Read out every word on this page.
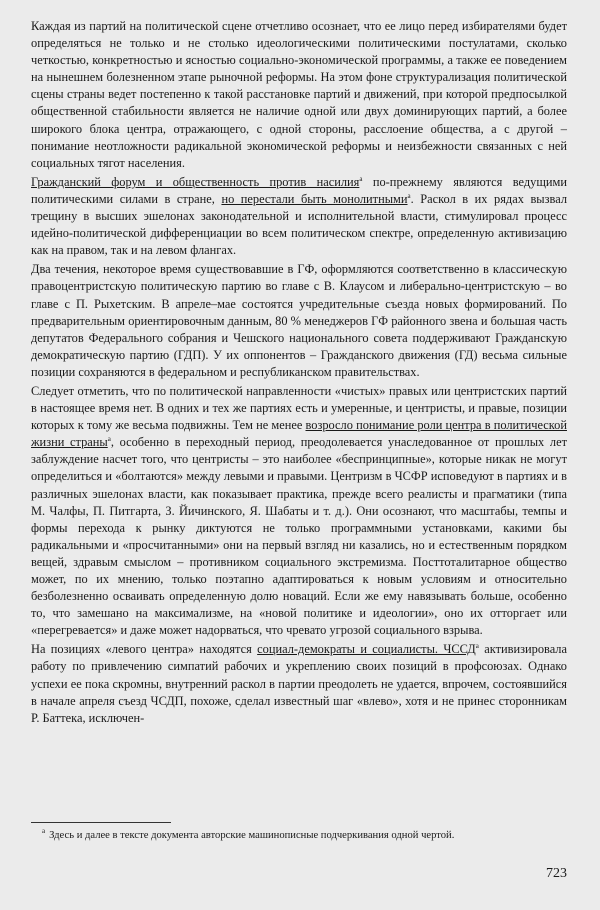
Каждая из партий на политической сцене отчетливо осознает, что ее лицо перед избирателями будет определяться не только и не столько идеологическими политическими постулатами, сколько четкостью, конкретностью и ясностью социально-экономической программы, а также ее поведением на нынешнем болезненном этапе рыночной реформы. На этом фоне структурализация политической сцены страны ведет постепенно к такой расстановке партий и движений, при которой предпосылкой общественной стабильности является не наличие одной или двух доминирующих партий, а более широкого блока центра, отражающего, с одной стороны, расслоение общества, а с другой – понимание неотложности радикальной экономической реформы и неизбежности связанных с ней социальных тягот населения.

Гражданский форум и общественность против насилия$^а$ по-прежнему являются ведущими политическими силами в стране, но перестали быть монолитными$^а$. Раскол в их рядах вызвал трещину в высших эшелонах законодательной и исполнительной власти, стимулировал процесс идейно-политической дифференциации во всем политическом спектре, определенную активизацию как на правом, так и на левом флангах.

Два течения, некоторое время существовавшие в ГФ, оформляются соответственно в классическую правоцентристскую политическую партию во главе с В. Клаусом и либерально-центристскую – во главе с П. Рыхетским. В апреле–мае состоятся учредительные съезда новых формирований. По предварительным ориентировочным данным, 80 % менеджеров ГФ районного звена и большая часть депутатов Федерального собрания и Чешского национального совета поддерживают Гражданскую демократическую партию (ГДП). У их оппонентов – Гражданского движения (ГД) весьма сильные позиции сохраняются в федеральном и республиканском правительствах.

Следует отметить, что по политической направленности «чистых» правых или центристских партий в настоящее время нет. В одних и тех же партиях есть и умеренные, и центристы, и правые, позиции которых к тому же весьма подвижны. Тем не менее возросло понимание роли центра в политической жизни страны$^а$, особенно в переходный период, преодолевается унаследованное от прошлых лет заблуждение насчет того, что центристы – это наиболее «беспринципные», которые никак не могут определиться и «болтаются» между левыми и правыми. Центризм в ЧСФР исповедуют в партиях и в различных эшелонах власти, как показывает практика, прежде всего реалисты и прагматики (типа М. Чалфы, П. Питгарта, З. Йичинского, Я. Шабаты и т. д.). Они осознают, что масштабы, темпы и формы перехода к рынку диктуются не только программными установками, какими бы радикальными и «просчитанными» они на первый взгляд ни казались, но и естественным порядком вещей, здравым смыслом – противником социального экстремизма. Посттоталитарное общество может, по их мнению, только поэтапно адаптироваться к новым условиям и относительно безболезненно осваивать определенную долю новаций. Если же ему навязывать больше, особенно то, что замешано на максимализме, на «новой политике и идеологии», оно их отторгает или «перегревается» и даже может надорваться, что чревато угрозой социального взрыва.

На позициях «левого центра» находятся социал-демократы и социалисты. $ЧССД^а$ активизировала работу по привлечению симпатий рабочих и укреплению своих позиций в профсоюзах. Однако успехи ее пока скромны, внутренний раскол в партии преодолеть не удается, впрочем, состоявшийся в начале апреля съезд ЧСДП, похоже, сделал известный шаг «влево», хотя и не принес сторонникам Р. Баттека, исключен-

$^а$ Здесь и далее в тексте документа авторские машинописные подчеркивания одной чертой.
723
